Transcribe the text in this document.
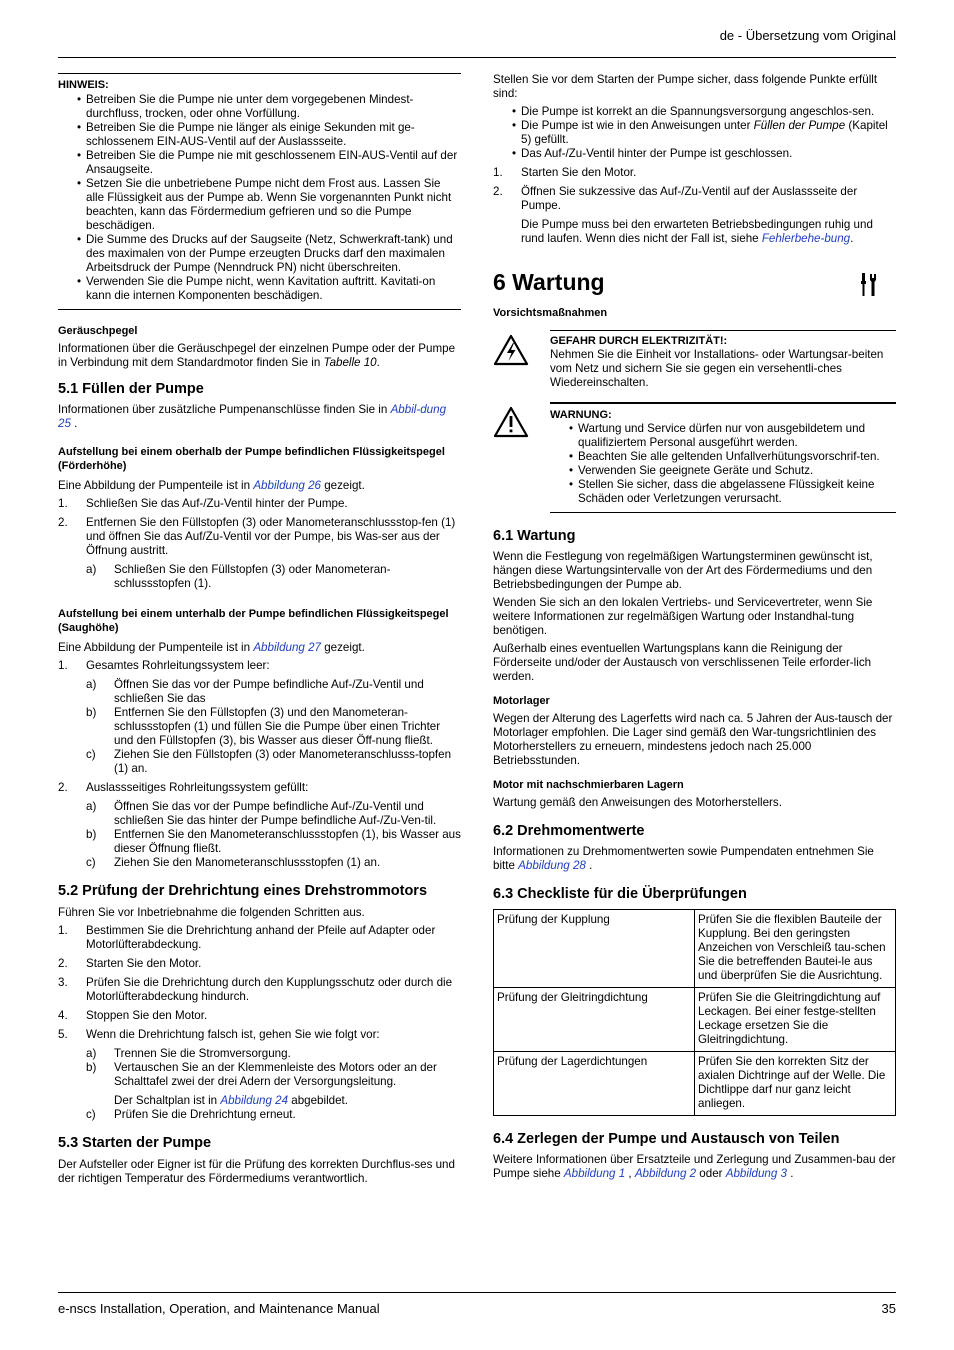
de - Übersetzung vom Original
HINWEIS:
• Betreiben Sie die Pumpe nie unter dem vorgegebenen Mindest-durchfluss, trocken, oder ohne Vorfüllung.
• Betreiben Sie die Pumpe nie länger als einige Sekunden mit ge-schlossenem EIN-AUS-Ventil auf der Auslassseite.
• Betreiben Sie die Pumpe nie mit geschlossenem EIN-AUS-Ventil auf der Ansaugseite.
• Setzen Sie die unbetriebene Pumpe nicht dem Frost aus. Lassen Sie alle Flüssigkeit aus der Pumpe ab. Wenn Sie vorgenannten Punkt nicht beachten, kann das Fördermedium gefrieren und so die Pumpe beschädigen.
• Die Summe des Drucks auf der Saugseite (Netz, Schwerkraft-tank) und des maximalen von der Pumpe erzeugten Drucks darf den maximalen Arbeitsdruck der Pumpe (Nenndruck PN) nicht überschreiten.
• Verwenden Sie die Pumpe nicht, wenn Kavitation auftritt. Kavitati-on kann die internen Komponenten beschädigen.
Geräuschpegel

Informationen über die Geräuschpegel der einzelnen Pumpe oder der Pumpe in Verbindung mit dem Standardmotor finden Sie in Tabelle 10.

5.1 Füllen der Pumpe

Informationen über zusätzliche Pumpenanschlüsse finden Sie in Abbil-dung 25 .

Aufstellung bei einem oberhalb der Pumpe befindlichen Flüssigkeitspegel (Förderhöhe)

Eine Abbildung der Pumpenteile ist in Abbildung 26 gezeigt.

1. Schließen Sie das Auf-/Zu-Ventil hinter der Pumpe.
2. Entfernen Sie den Füllstopfen (3) oder Manometeranschlussstop-fen (1) und öffnen Sie das Auf/Zu-Ventil vor der Pumpe, bis Was-ser aus der Öffnung austritt.
a) Schließen Sie den Füllstopfen (3) oder Manometeran-schlussstopfen (1).
Aufstellung bei einem unterhalb der Pumpe befindlichen Flüssigkeitspegel (Saughöhe)

Eine Abbildung der Pumpenteile ist in Abbildung 27 gezeigt.

1. Gesamtes Rohrleitungssystem leer:
a) Öffnen Sie das vor der Pumpe befindliche Auf-/Zu-Ventil und schließen Sie das
b) Entfernen Sie den Füllstopfen (3) und den Manometeran-schlussstopfen (1) und füllen Sie die Pumpe über einen Trichter und den Füllstopfen (3), bis Wasser aus dieser Öff-nung fließt.
c) Ziehen Sie den Füllstopfen (3) oder Manometeranschlusss-topfen (1) an.
2. Auslassseitiges Rohrleitungssystem gefüllt:
a) Öffnen Sie das vor der Pumpe befindliche Auf-/Zu-Ventil und schließen Sie das hinter der Pumpe befindliche Auf-/Zu-Ven-til.
b) Entfernen Sie den Manometeranschlussstopfen (1), bis Wasser aus dieser Öffnung fließt.
c) Ziehen Sie den Manometeranschlussstopfen (1) an.
5.2 Prüfung der Drehrichtung eines Drehstrommotors

Führen Sie vor Inbetriebnahme die folgenden Schritten aus.

1. Bestimmen Sie die Drehrichtung anhand der Pfeile auf Adapter oder Motorlüfterabdeckung.
2. Starten Sie den Motor.
3. Prüfen Sie die Drehrichtung durch den Kupplungsschutz oder durch die Motorlüfterabdeckung hindurch.
4. Stoppen Sie den Motor.
5. Wenn die Drehrichtung falsch ist, gehen Sie wie folgt vor:
a) Trennen Sie die Stromversorgung.
b) Vertauschen Sie an der Klemmenleiste des Motors oder an der Schalttafel zwei der drei Adern der Versorgungsleitung.
Der Schaltplan ist in Abbildung 24 abgebildet.
c) Prüfen Sie die Drehrichtung erneut.
5.3 Starten der Pumpe

Der Aufsteller oder Eigner ist für die Prüfung des korrekten Durchflus-ses und der richtigen Temperatur des Fördermediums verantwortlich.

Stellen Sie vor dem Starten der Pumpe sicher, dass folgende Punkte erfüllt sind:

• Die Pumpe ist korrekt an die Spannungsversorgung angeschlos-sen.
• Die Pumpe ist wie in den Anweisungen unter Füllen der Pumpe (Kapitel 5) gefüllt.
• Das Auf-/Zu-Ventil hinter der Pumpe ist geschlossen.
1. Starten Sie den Motor.
2. Öffnen Sie sukzessive das Auf-/Zu-Ventil auf der Auslassseite der Pumpe.
Die Pumpe muss bei den erwarteten Betriebsbedingungen ruhig und rund laufen. Wenn dies nicht der Fall ist, siehe Fehlerbehe-bung.
6 Wartung
Vorsichtsmaßnahmen
GEFAHR DURCH ELEKTRIZITÄT!:
Nehmen Sie die Einheit vor Installations- oder Wartungsar-beiten vom Netz und sichern Sie sie gegen ein versehentli-ches Wiedereinschalten.
WARNUNG:
• Wartung und Service dürfen nur von ausgebildetem und qualifiziertem Personal ausgeführt werden.
• Beachten Sie alle geltenden Unfallverhütungsvorschrif-ten.
• Verwenden Sie geeignete Geräte und Schutz.
• Stellen Sie sicher, dass die abgelassene Flüssigkeit keine Schäden oder Verletzungen verursacht.
6.1 Wartung

Wenn die Festlegung von regelmäßigen Wartungsterminen gewünscht ist, hängen diese Wartungsintervalle von der Art des Fördermediums und den Betriebsbedingungen der Pumpe ab.

Wenden Sie sich an den lokalen Vertriebs- und Servicevertreter, wenn Sie weitere Informationen zur regelmäßigen Wartung oder Instandhal-tung benötigen.

Außerhalb eines eventuellen Wartungsplans kann die Reinigung der Förderseite und/oder der Austausch von verschlissenen Teile erforder-lich werden.

Motorlager

Wegen der Alterung des Lagerfetts wird nach ca. 5 Jahren der Aus-tausch der Motorlager empfohlen. Die Lager sind gemäß den War-tungsrichtlinien des Motorherstellers zu erneuern, mindestens jedoch nach 25.000 Betriebsstunden.

Motor mit nachschmierbaren Lagern

Wartung gemäß den Anweisungen des Motorherstellers.

6.2 Drehmomentwerte

Informationen zu Drehmomentwerten sowie Pumpendaten entnehmen Sie bitte Abbildung 28 .

6.3 Checkliste für die Überprüfungen
Prüfung der Kupplung	Prüfen Sie die flexiblen Bauteile der Kupplung. Bei den geringsten Anzeichen von Verschleiß tau-schen Sie die betreffenden Bautei-le aus und überprüfen Sie die Ausrichtung.
Prüfung der Gleitringdichtung	Prüfen Sie die Gleitringdichtung auf Leckagen. Bei einer festge-stellten Leckage ersetzen Sie die Gleitringdichtung.
Prüfung der Lagerdichtungen	Prüfen Sie den korrekten Sitz der axialen Dichtringe auf der Welle. Die Dichtlippe darf nur ganz leicht anliegen.
6.4 Zerlegen der Pumpe und Austausch von Teilen

Weitere Informationen über Ersatzteile und Zerlegung und Zusammen-bau der Pumpe siehe Abbildung 1 , Abbildung 2 oder Abbildung 3 .

e-nscs Installation, Operation, and Maintenance Manual	35
